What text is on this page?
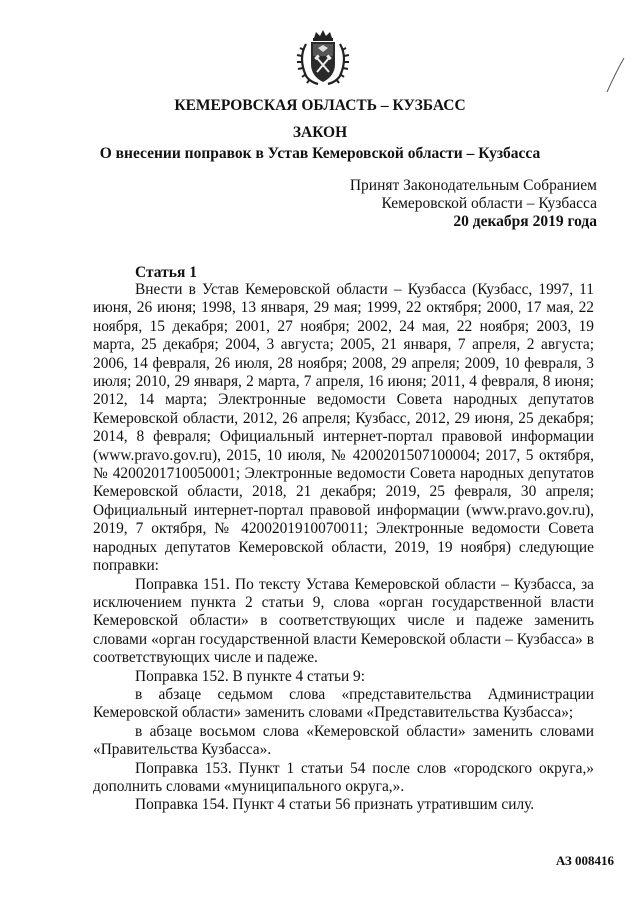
КЕМЕРОВСКАЯ ОБЛАСТЬ – КУЗБАСС
ЗАКОН
О внесении поправок в Устав Кемеровской области – Кузбасса
Принят Законодательным Собранием
Кемеровской области – Кузбасса
20 декабря 2019 года
Статья 1

Внести в Устав Кемеровской области – Кузбасса (Кузбасс, 1997, 11 июня, 26 июня; 1998, 13 января, 29 мая; 1999, 22 октября; 2000, 17 мая, 22 ноября, 15 декабря; 2001, 27 ноября; 2002, 24 мая, 22 ноября; 2003, 19 марта, 25 декабря; 2004, 3 августа; 2005, 21 января, 7 апреля, 2 августа; 2006, 14 февраля, 26 июля, 28 ноября; 2008, 29 апреля; 2009, 10 февраля, 3 июля; 2010, 29 января, 2 марта, 7 апреля, 16 июня; 2011, 4 февраля, 8 июня; 2012, 14 марта; Электронные ведомости Совета народных депутатов Кемеровской области, 2012, 26 апреля; Кузбасс, 2012, 29 июня, 25 декабря; 2014, 8 февраля; Официальный интернет-портал правовой информации (www.pravo.gov.ru), 2015, 10 июля, № 4200201507100004; 2017, 5 октября, № 4200201710050001; Электронные ведомости Совета народных депутатов Кемеровской области, 2018, 21 декабря; 2019, 25 февраля, 30 апреля; Официальный интернет-портал правовой информации (www.pravo.gov.ru), 2019, 7 октября, № 4200201910070011; Электронные ведомости Совета народных депутатов Кемеровской области, 2019, 19 ноября) следующие поправки:

Поправка 151. По тексту Устава Кемеровской области – Кузбасса, за исключением пункта 2 статьи 9, слова «орган государственной власти Кемеровской области» в соответствующих числе и падеже заменить словами «орган государственной власти Кемеровской области – Кузбасса» в соответствующих числе и падеже.

Поправка 152. В пункте 4 статьи 9:

в абзаце седьмом слова «представительства Администрации Кемеровской области» заменить словами «Представительства Кузбасса»;

в абзаце восьмом слова «Кемеровской области» заменить словами «Правительства Кузбасса».

Поправка 153. Пункт 1 статьи 54 после слов «городского округа,» дополнить словами «муниципального округа,».

Поправка 154. Пункт 4 статьи 56 признать утратившим силу.

АЗ 008416
